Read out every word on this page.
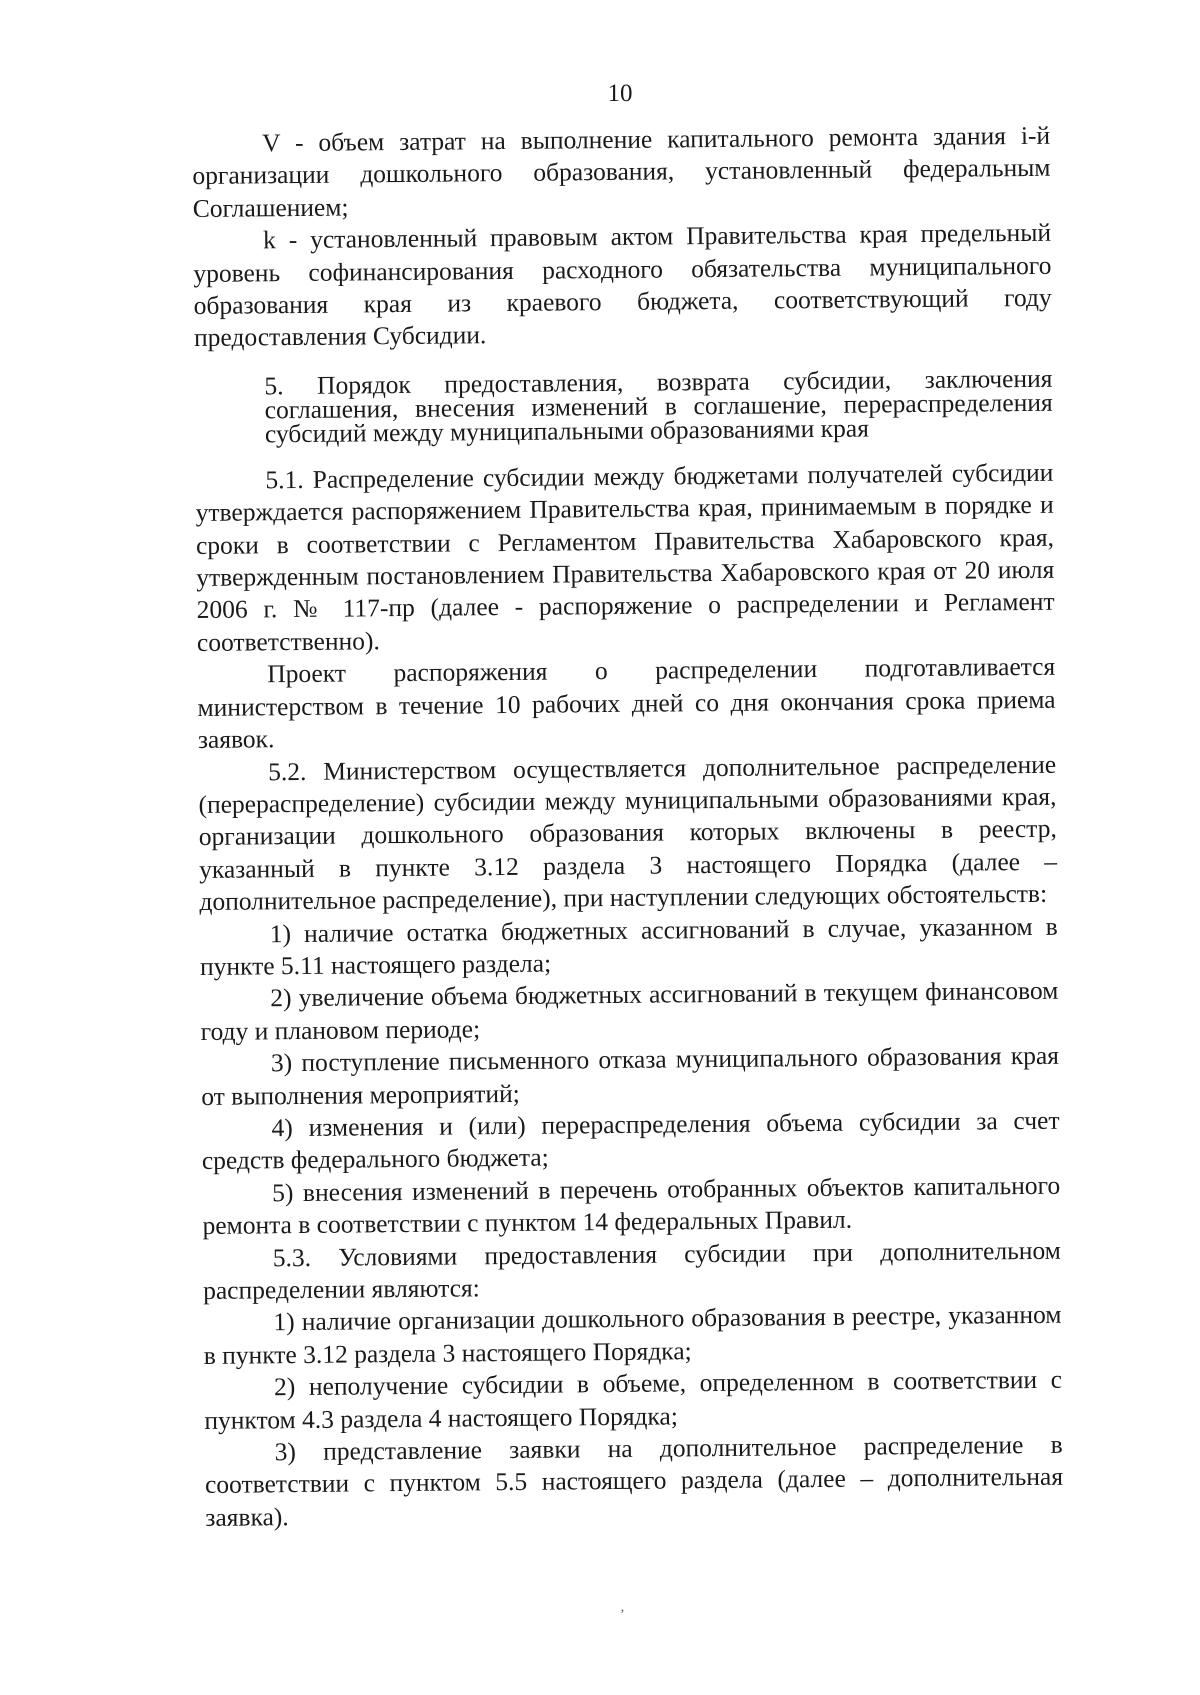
10

V - объем затрат на выполнение капитального ремонта здания i-й организации дошкольного образования, установленный федеральным Соглашением;

k - установленный правовым актом Правительства края предельный уровень софинансирования расходного обязательства муниципального образования края из краевого бюджета, соответствующий году предоставления Субсидии.

5. Порядок предоставления, возврата субсидии, заключения соглашения, внесения изменений в соглашение, перераспределения субсидий между муниципальными образованиями края

5.1. Распределение субсидии между бюджетами получателей субсидии утверждается распоряжением Правительства края, принимаемым в порядке и сроки в соответствии с Регламентом Правительства Хабаровского края, утвержденным постановлением Правительства Хабаровского края от 20 июля 2006 г. № 117-пр (далее - распоряжение о распределении и Регламент соответственно).

Проект распоряжения о распределении подготавливается министерством в течение 10 рабочих дней со дня окончания срока приема заявок.

5.2. Министерством осуществляется дополнительное распределение (перераспределение) субсидии между муниципальными образованиями края, организации дошкольного образования которых включены в реестр, указанный в пункте 3.12 раздела 3 настоящего Порядка (далее – дополнительное распределение), при наступлении следующих обстоятельств:

1) наличие остатка бюджетных ассигнований в случае, указанном в пункте 5.11 настоящего раздела;

2) увеличение объема бюджетных ассигнований в текущем финансовом году и плановом периоде;

3) поступление письменного отказа муниципального образования края от выполнения мероприятий;

4) изменения и (или) перераспределения объема субсидии за счет средств федерального бюджета;

5) внесения изменений в перечень отобранных объектов капитального ремонта в соответствии с пунктом 14 федеральных Правил.

5.3. Условиями предоставления субсидии при дополнительном распределении являются:

1) наличие организации дошкольного образования в реестре, указанном в пункте 3.12 раздела 3 настоящего Порядка;

2) неполучение субсидии в объеме, определенном в соответствии с пунктом 4.3 раздела 4 настоящего Порядка;

3) представление заявки на дополнительное распределение в соответствии с пунктом 5.5 настоящего раздела (далее – дополнительная заявка).

‚
